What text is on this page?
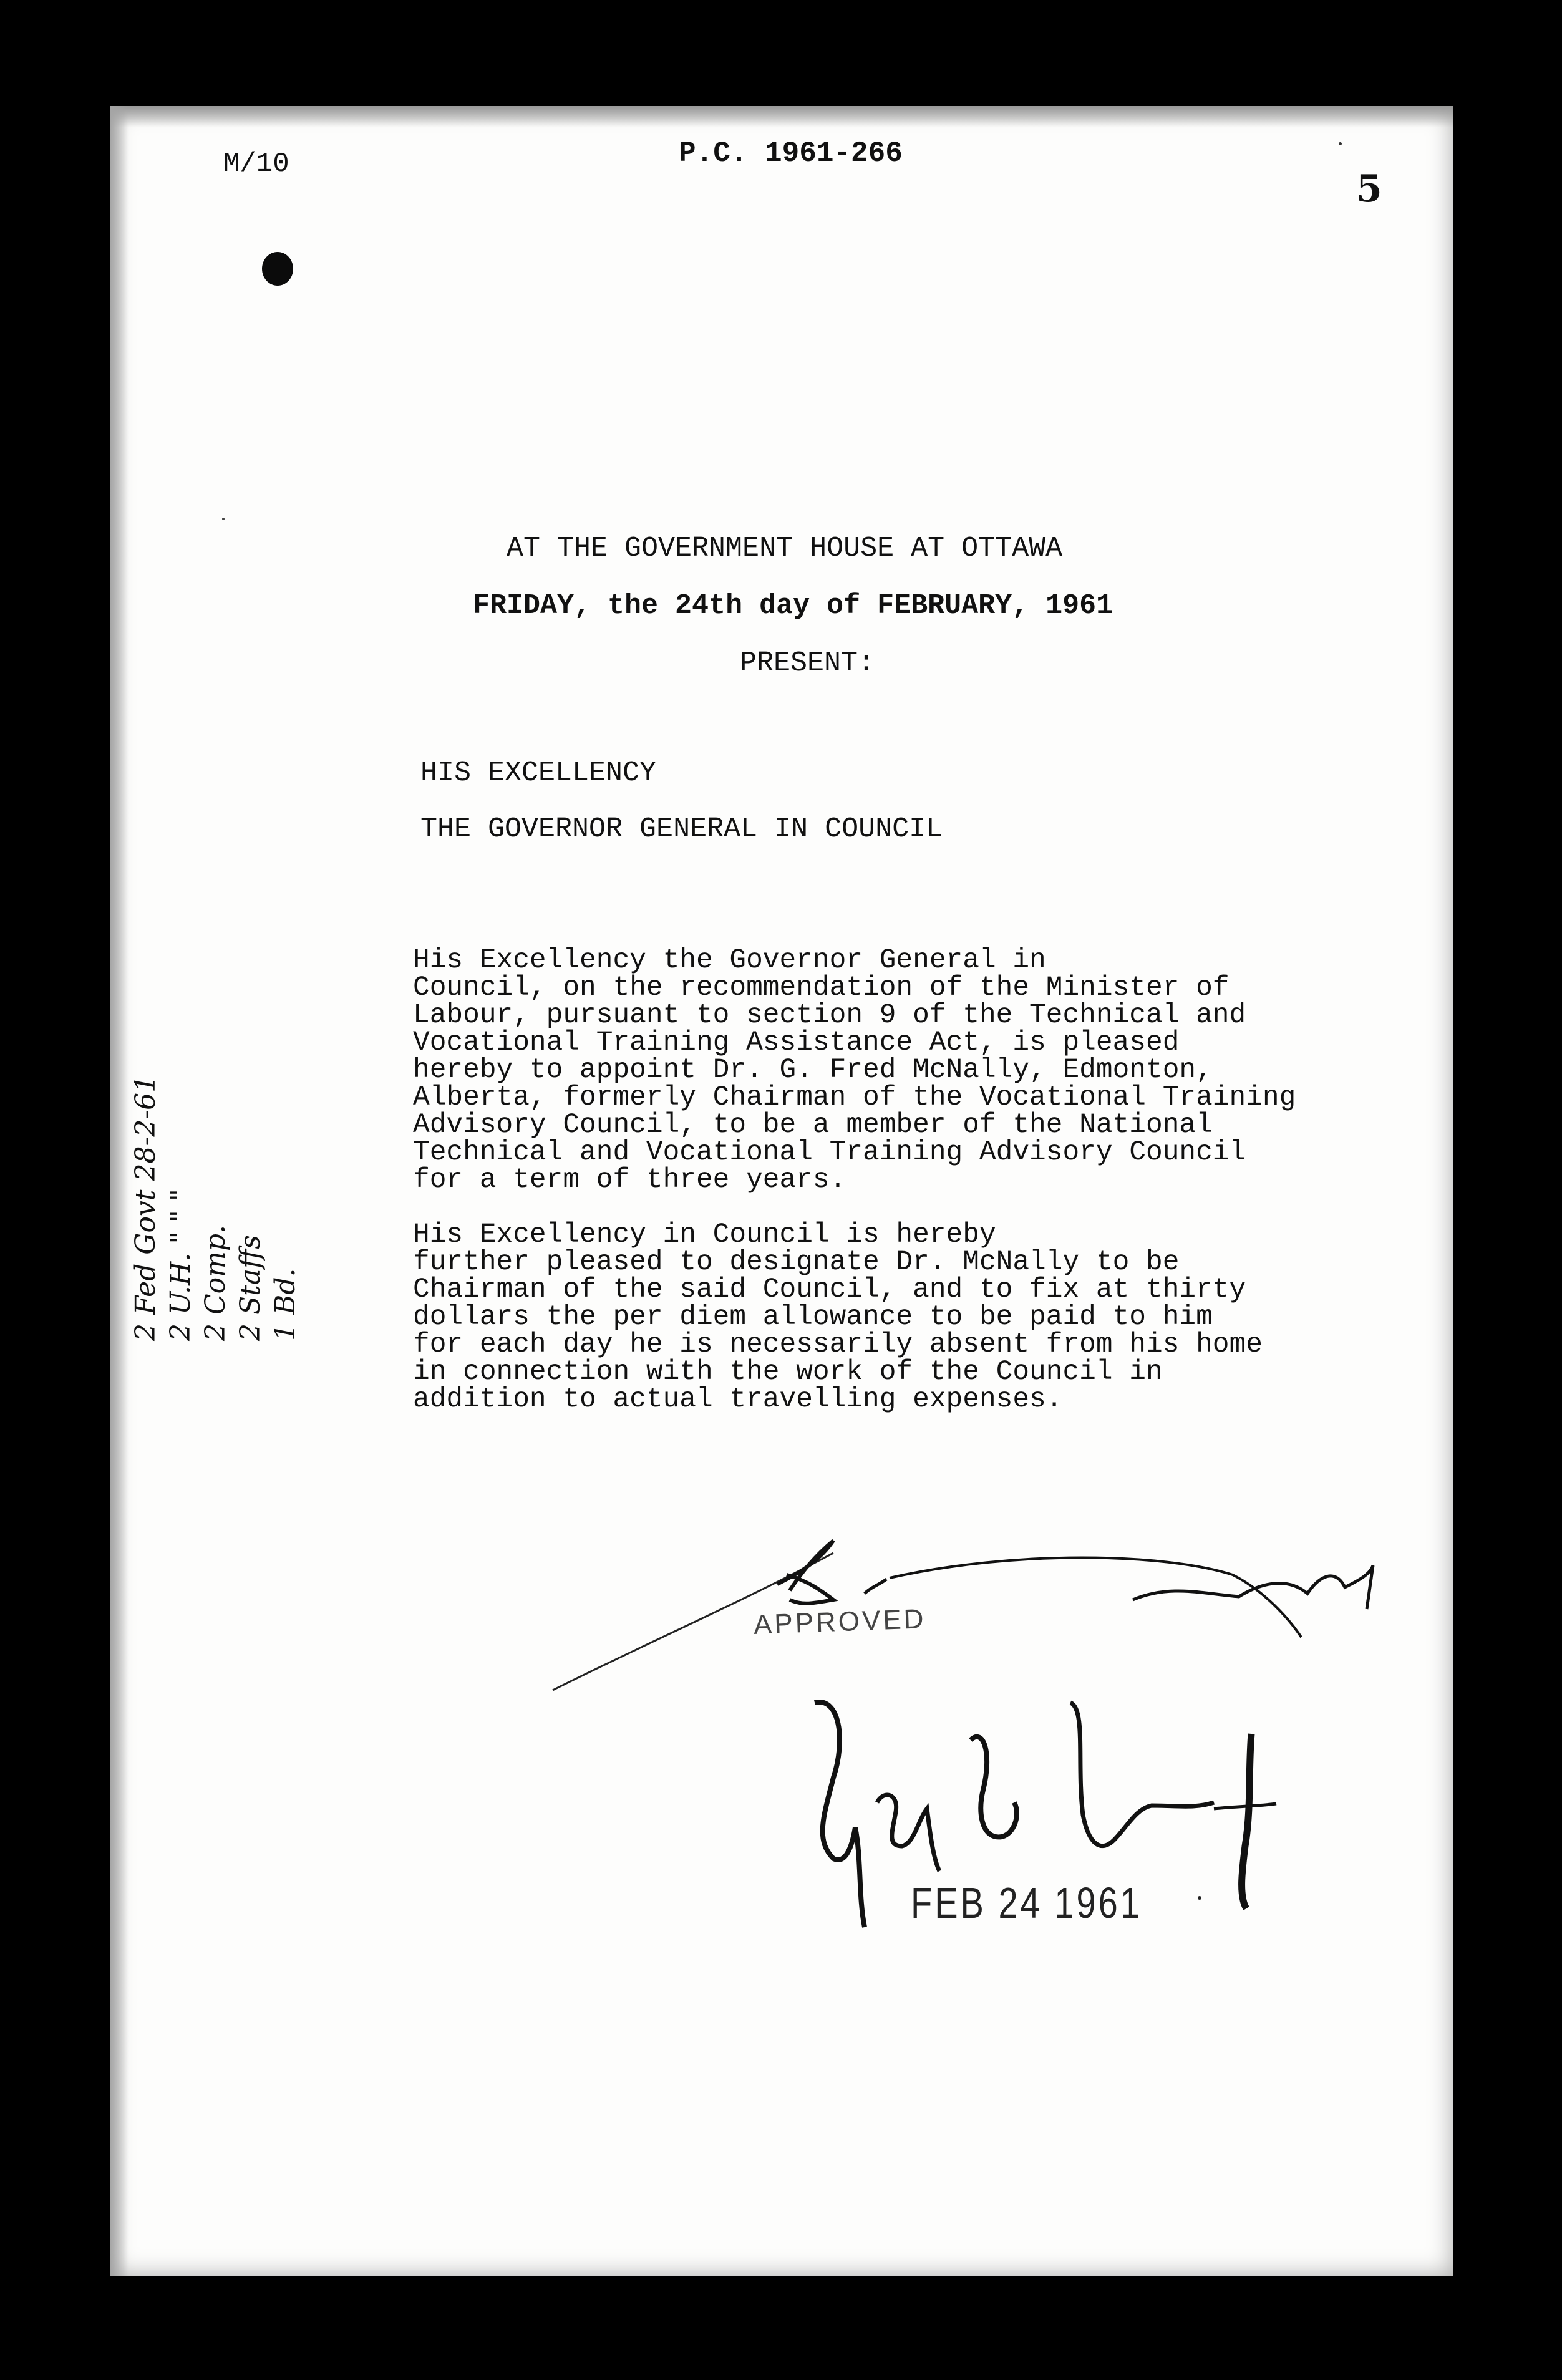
M/10	P.C. 1961-266
5
AT THE GOVERNMENT HOUSE AT OTTAWA
FRIDAY, the 24th day of FEBRUARY, 1961
PRESENT:
HIS EXCELLENCY
THE GOVERNOR GENERAL IN COUNCIL

His Excellency the Governor General in
Council, on the recommendation of the Minister of
Labour, pursuant to section 9 of the Technical and
Vocational Training Assistance Act, is pleased
hereby to appoint Dr. G. Fred McNally, Edmonton,
Alberta, formerly Chairman of the Vocational Training
Advisory Council, to be a member of the National
Technical and Vocational Training Advisory Council
for a term of three years.

His Excellency in Council is hereby
further pleased to designate Dr. McNally to be
Chairman of the said Council, and to fix at thirty
dollars the per diem allowance to be paid to him
for each day he is necessarily absent from his home
in connection with the work of the Council in
addition to actual travelling expenses.

2 Fed Govt 28-2-61 2 U.H. " " " 2 Comp. 2 Staffs 1 Bd.
J.G. Diefenbaker
APPROVED
Georges P. Vanier
FEB 24 1961
